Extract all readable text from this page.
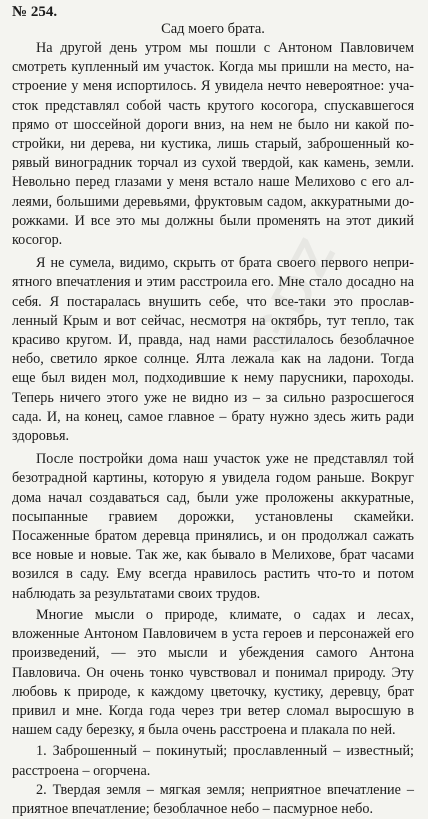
GDZ

№ 254.

Сад моего брата.

На другой день утром мы пошли с Антоном Павловичем смотреть купленный им участок. Когда мы пришли на место, настроение у меня испортилось. Я увидела нечто невероятное: участок представлял собой часть крутого косогора, спускавшегося прямо от шоссейной дороги вниз, на нем не было ни какой постройки, ни дерева, ни кустика, лишь старый, заброшенный корявый виноградник торчал из сухой твердой, как камень, земли. Невольно перед глазами у меня встало наше Мелихово с его аллеями, большими деревьями, фруктовым садом, аккуратными дорожками. И все это мы должны были променять на этот дикий косогор.

Я не сумела, видимо, скрыть от брата своего первого неприятного впечатления и этим расстроила его. Мне стало досадно на себя. Я постаралась внушить себе, что все-таки это прославленный Крым и вот сейчас, несмотря на октябрь, тут тепло, так красиво кругом. И, правда, над нами расстилалось безоблачное небо, светило яркое солнце. Ялта лежала как на ладони. Тогда еще был виден мол, подходившие к нему парусники, пароходы. Теперь ничего этого уже не видно из – за сильно разросшегося сада. И, на конец, самое главное – брату нужно здесь жить ради здоровья.

После постройки дома наш участок уже не представлял той безотрадной картины, которую я увидела годом раньше. Вокруг дома начал создаваться сад, были уже проложены аккуратные, посыпанные гравием дорожки, установлены скамейки. Посаженные братом деревца принялись, и он продолжал сажать все новые и новые. Так же, как бывало в Мелихове, брат часами возился в саду. Ему всегда нравилось растить что-то и потом наблюдать за результатами своих трудов.

Многие мысли о природе, климате, о садах и лесах, вложенные Антоном Павловичем в уста героев и персонажей его произведений, — это мысли и убеждения самого Антона Павловича. Он очень тонко чувствовал и понимал природу. Эту любовь к природе, к каждому цветочку, кустику, деревцу, брат привил и мне. Когда года через три ветер сломал выросшую в нашем саду березку, я была очень расстроена и плакала по ней.

1. Заброшенный – покинутый; прославленный – известный; расстроена – огорчена.

2. Твердая земля – мягкая земля; неприятное впечатление – приятное впечатление; безоблачное небо – пасмурное небо.
